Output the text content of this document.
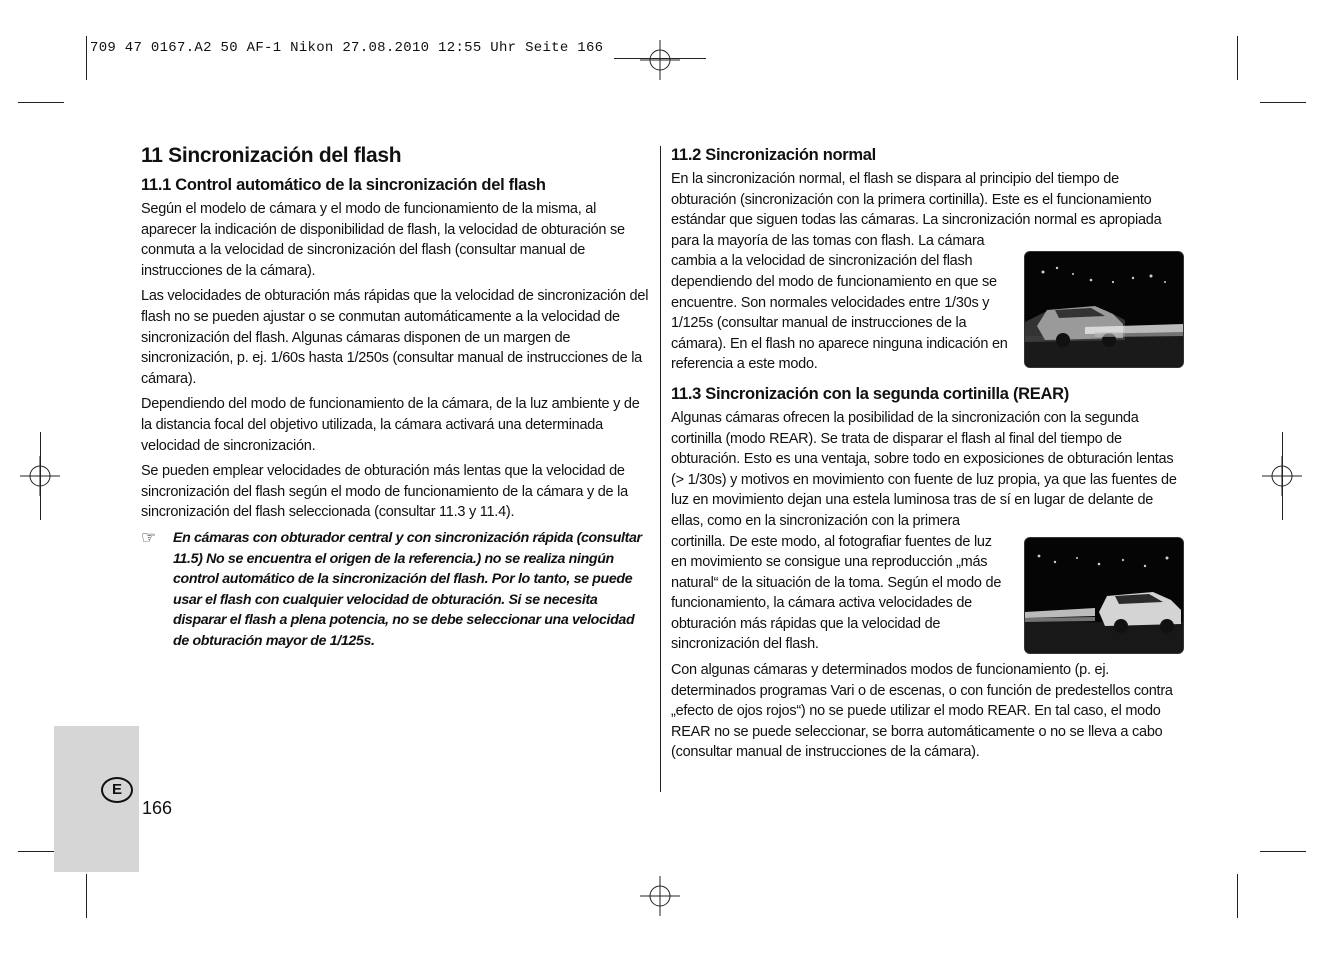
709 47 0167.A2 50 AF-1 Nikon 27.08.2010 12:55 Uhr Seite 166
E
166
11 Sincronización del flash
11.1 Control automático de la sincronización del flash

Según el modelo de cámara y el modo de funcionamiento de la misma, al aparecer la indicación de disponibilidad de flash, la velocidad de obturación se conmuta a la velocidad de sincronización del flash (consultar manual de instrucciones de la cámara).

Las velocidades de obturación más rápidas que la velocidad de sincronización del flash no se pueden ajustar o se conmutan automáticamente a la velocidad de sincronización del flash. Algunas cámaras disponen de un margen de sincronización, p. ej. 1/60s hasta 1/250s (consultar manual de instrucciones de la cámara).

Dependiendo del modo de funcionamiento de la cámara, de la luz ambiente y de la distancia focal del objetivo utilizada, la cámara activará una determinada velocidad de sincronización.

Se pueden emplear velocidades de obturación más lentas que la velocidad de sincronización del flash según el modo de funcionamiento de la cámara y de la sincronización del flash seleccionada (consultar 11.3 y 11.4).

☞	En cámaras con obturador central y con sincronización rápida (consultar 11.5) No se encuentra el origen de la referencia.) no se realiza ningún control automático de la sincronización del flash. Por lo tanto, se puede usar el flash con cualquier velocidad de obturación. Si se necesita disparar el flash a plena potencia, no se debe seleccionar una velocidad de obturación mayor de 1/125s.

11.2 Sincronización normal

En la sincronización normal, el flash se dispara al principio del tiempo de obturación (sincronización con la primera cortinilla). Este es el funcionamiento estándar que siguen todas las cámaras. La sincronización normal es apropiada

para la mayoría de las tomas con flash. La cámara cambia a la velocidad de sincronización del flash dependiendo del modo de funcionamiento en que se encuentre. Son normales velocidades entre 1/30s y 1/125s (consultar manual de instrucciones de la cámara). En el flash no aparece ninguna indicación en referencia a este modo.

11.3 Sincronización con la segunda cortinilla (REAR)

Algunas cámaras ofrecen la posibilidad de la sincronización con la segunda cortinilla (modo REAR). Se trata de disparar el flash al final del tiempo de obturación. Esto es una ventaja, sobre todo en exposiciones de obturación lentas (> 1/30s) y motivos en movimiento con fuente de luz propia, ya que las fuentes de luz en movimiento dejan una estela luminosa tras de sí en lugar de delante de

ellas, como en la sincronización con la primera cortinilla. De este modo, al fotografiar fuentes de luz en movimiento se consigue una reproducción „más natural“ de la situación de la toma. Según el modo de funcionamiento, la cámara activa velocidades de obturación más rápidas que la velocidad de sincronización del flash.

Con algunas cámaras y determinados modos de funcionamiento (p. ej. determinados programas Vari o de escenas, o con función de predestellos contra „efecto de ojos rojos“) no se puede utilizar el modo REAR. En tal caso, el modo REAR no se puede seleccionar, se borra automáticamente o no se lleva a cabo (consultar manual de instrucciones de la cámara).
